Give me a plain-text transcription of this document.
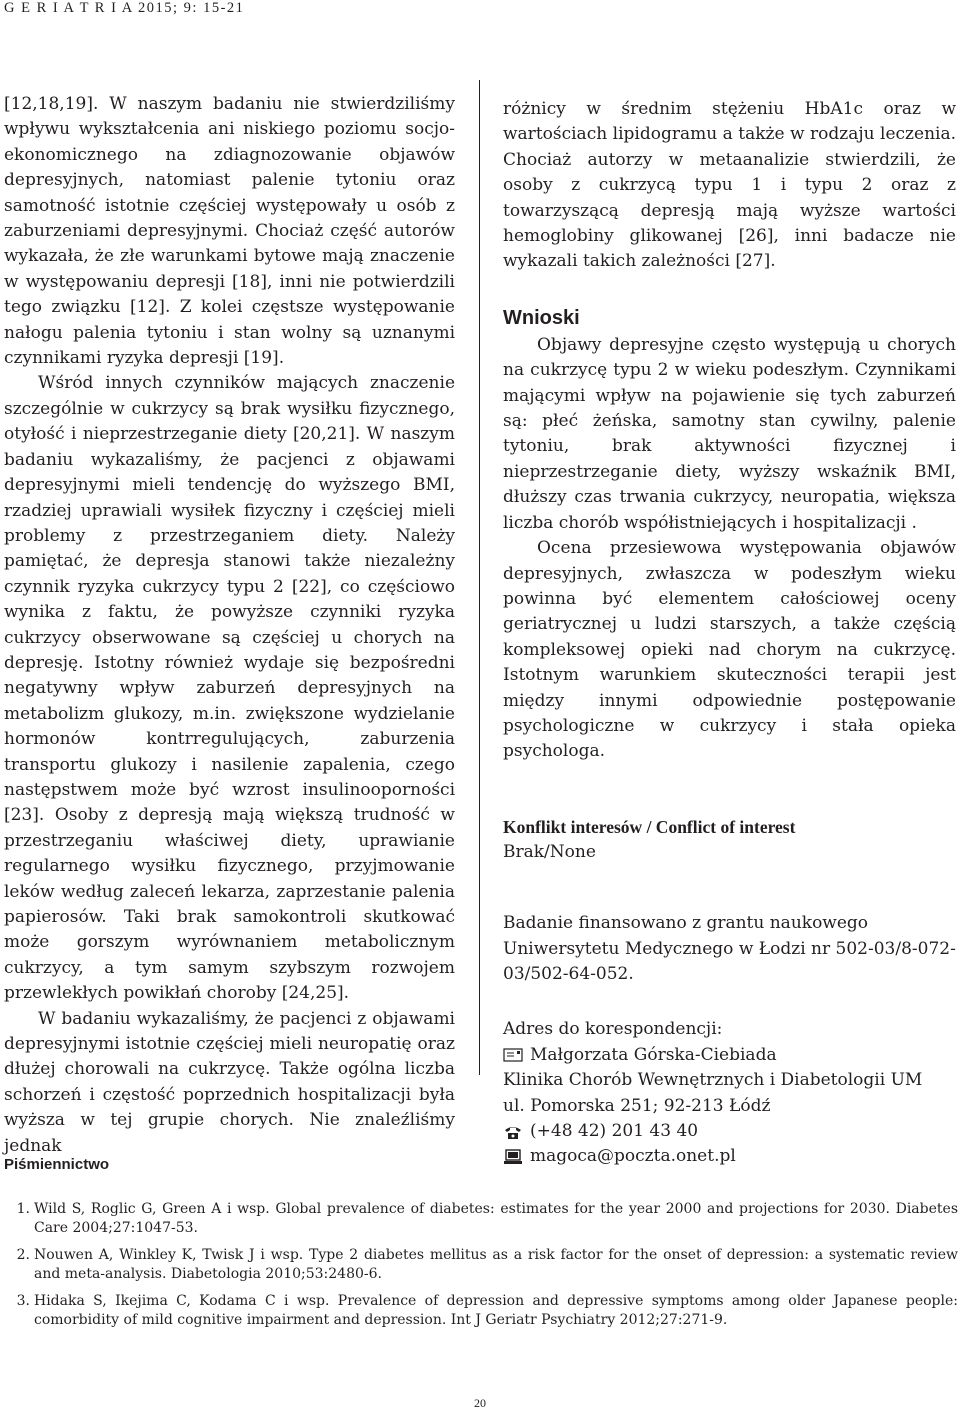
G E R I A T R I A 2015; 9: 15-21

[12,18,19]. W naszym badaniu nie stwierdziliśmy wpływu wykształcenia ani niskiego poziomu socjo-ekonomicznego na zdiagnozowanie objawów depresyjnych, natomiast palenie tytoniu oraz samotność istotnie częściej występowały u osób z zaburzeniami depresyjnymi. Chociaż część autorów wykazała, że złe warunkami bytowe mają znaczenie w występowaniu depresji [18], inni nie potwierdzili tego związku [12]. Z kolei częstsze występowanie nałogu palenia tytoniu i stan wolny są uznanymi czynnikami ryzyka depresji [19].

Wśród innych czynników mających znaczenie szczególnie w cukrzycy są brak wysiłku fizycznego, otyłość i nieprzestrzeganie diety [20,21]. W naszym badaniu wykazaliśmy, że pacjenci z objawami depresyjnymi mieli tendencję do wyższego BMI, rzadziej uprawiali wysiłek fizyczny i częściej mieli problemy z przestrzeganiem diety. Należy pamiętać, że depresja stanowi także niezależny czynnik ryzyka cukrzycy typu 2 [22], co częściowo wynika z faktu, że powyższe czynniki ryzyka cukrzycy obserwowane są częściej u chorych na depresję. Istotny również wydaje się bezpośredni negatywny wpływ zaburzeń depresyjnych na metabolizm glukozy, m.in. zwiększone wydzielanie hormonów kontrregulujących, zaburzenia transportu glukozy i nasilenie zapalenia, czego następstwem może być wzrost insulinooporności [23]. Osoby z depresją mają większą trudność w przestrzeganiu właściwej diety, uprawianie regularnego wysiłku fizycznego, przyjmowanie leków według zaleceń lekarza, zaprzestanie palenia papierosów. Taki brak samokontroli skutkować może gorszym wyrównaniem metabolicznym cukrzycy, a tym samym szybszym rozwojem przewlekłych powikłań choroby [24,25].

W badaniu wykazaliśmy, że pacjenci z objawami depresyjnymi istotnie częściej mieli neuropatię oraz dłużej chorowali na cukrzycę. Także ogólna liczba schorzeń i częstość poprzednich hospitalizacji była wyższa w tej grupie chorych. Nie znaleźliśmy jednak

różnicy w średnim stężeniu HbA1c oraz w wartościach lipidogramu a także w rodzaju leczenia. Chociaż autorzy w metaanalizie stwierdzili, że osoby z cukrzycą typu 1 i typu 2 oraz z towarzyszącą depresją mają wyższe wartości hemoglobiny glikowanej [26], inni badacze nie wykazali takich zależności [27].

Wnioski

Objawy depresyjne często występują u chorych na cukrzycę typu 2 w wieku podeszłym. Czynnikami mającymi wpływ na pojawienie się tych zaburzeń są: płeć żeńska, samotny stan cywilny, palenie tytoniu, brak aktywności fizycznej i nieprzestrzeganie diety, wyższy wskaźnik BMI, dłuższy czas trwania cukrzycy, neuropatia, większa liczba chorób współistniejących i hospitalizacji .

Ocena przesiewowa występowania objawów depresyjnych, zwłaszcza w podeszłym wieku powinna być elementem całościowej oceny geriatrycznej u ludzi starszych, a także częścią kompleksowej opieki nad chorym na cukrzycę. Istotnym warunkiem skuteczności terapii jest między innymi odpowiednie postępowanie psychologiczne w cukrzycy i stała opieka psychologa.

Konflikt interesów / Conflict of interest

Brak/None

Badanie finansowano z grantu naukowego Uniwersytetu Medycznego w Łodzi nr 502-03/8-072-03/502-64-052.

Adres do korespondencji:

Małgorzata Górska-Ciebiada

Klinika Chorób Wewnętrznych i Diabetologii UM

ul. Pomorska 251; 92-213 Łódź

(+48 42) 201 43 40

magoca@poczta.onet.pl

Piśmiennictwo
1. Wild S, Roglic G, Green A i wsp. Global prevalence of diabetes: estimates for the year 2000 and projections for 2030. Diabetes Care 2004;27:1047-53.
2. Nouwen A, Winkley K, Twisk J i wsp. Type 2 diabetes mellitus as a risk factor for the onset of depression: a systematic review and meta-analysis. Diabetologia 2010;53:2480-6.
3. Hidaka S, Ikejima C, Kodama C i wsp. Prevalence of depression and depressive symptoms among older Japanese people: comorbidity of mild cognitive impairment and depression. Int J Geriatr Psychiatry 2012;27:271-9.
20
